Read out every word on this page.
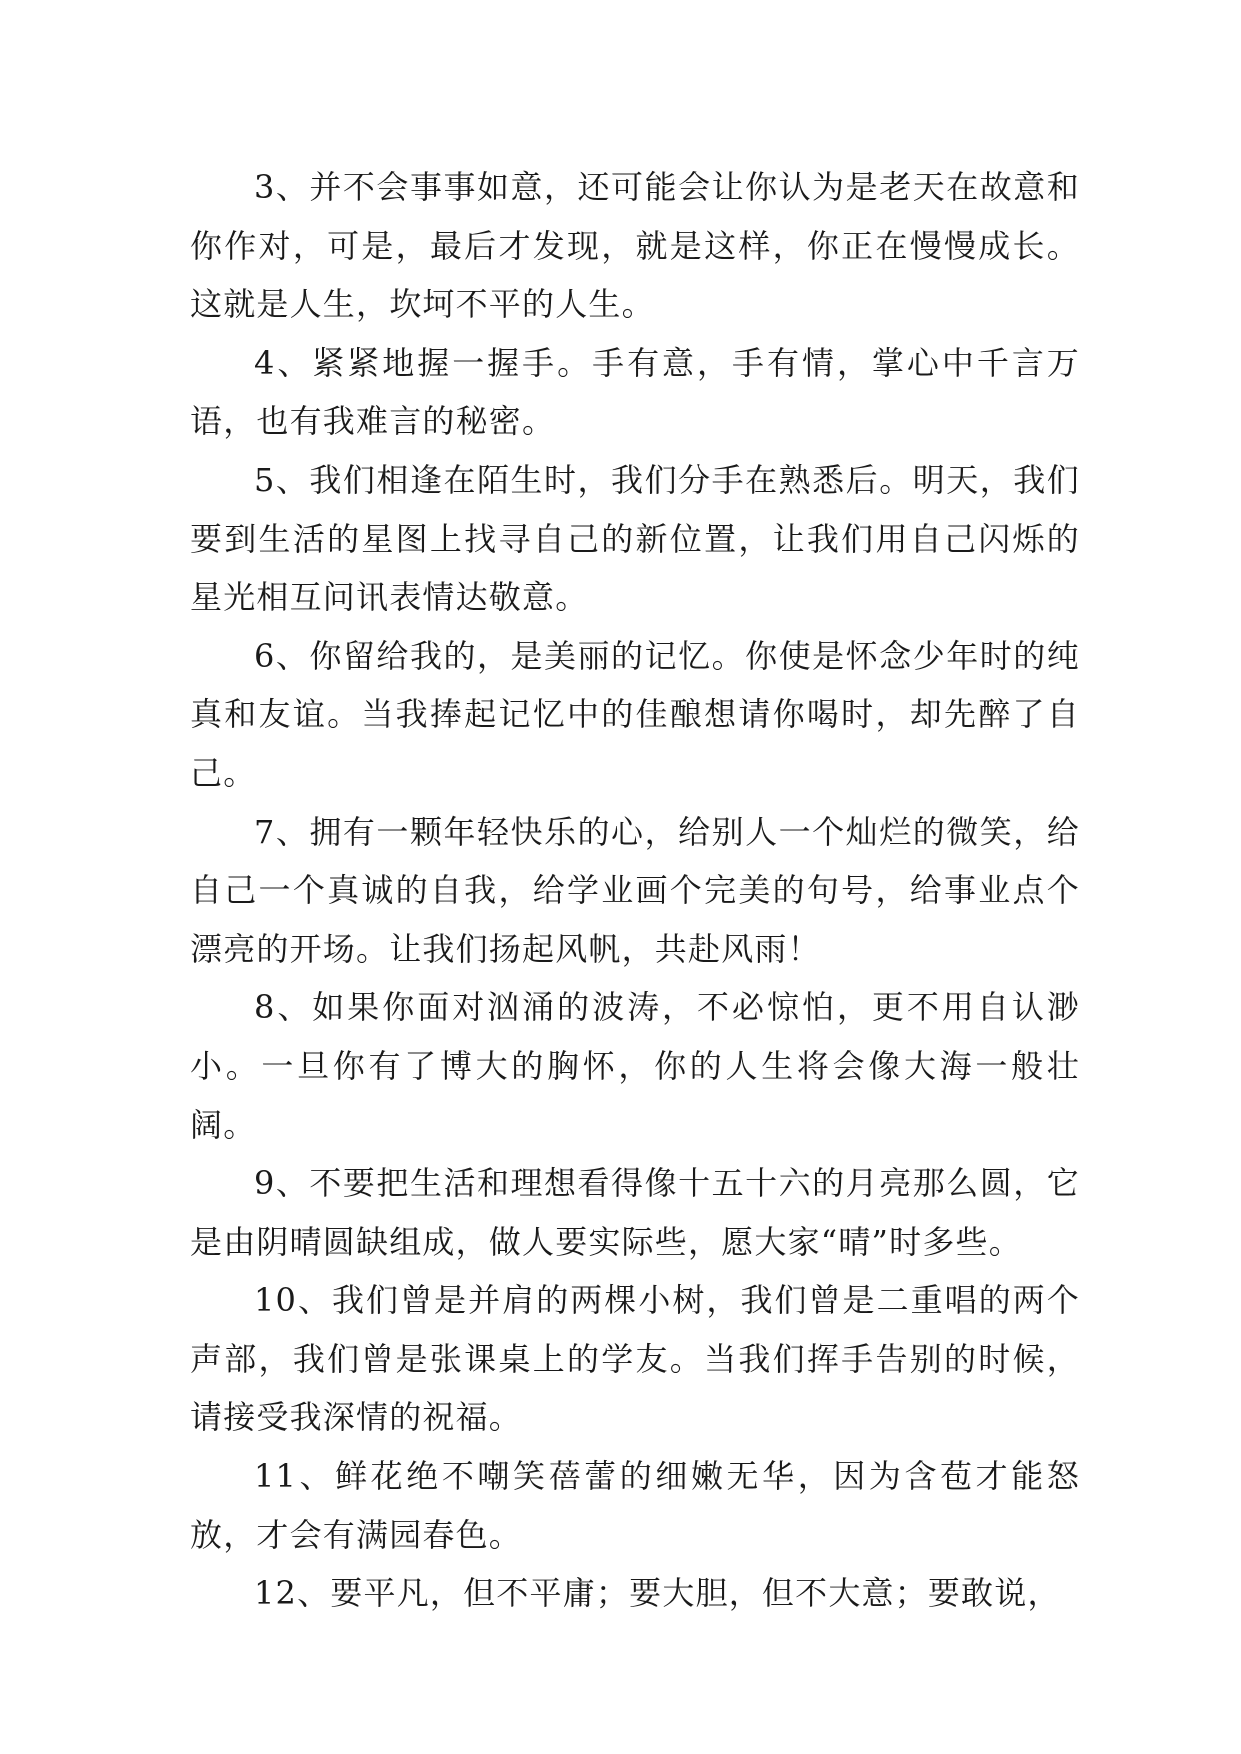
3、并不会事事如意，还可能会让你认为是老天在故意和你作对，可是，最后才发现，就是这样，你正在慢慢成长。这就是人生，坎坷不平的人生。

4、紧紧地握一握手。手有意，手有情，掌心中千言万语，也有我难言的秘密。

5、我们相逢在陌生时，我们分手在熟悉后。明天，我们要到生活的星图上找寻自己的新位置，让我们用自己闪烁的星光相互问讯表情达敬意。

6、你留给我的，是美丽的记忆。你使是怀念少年时的纯真和友谊。当我捧起记忆中的佳酿想请你喝时，却先醉了自己。

7、拥有一颗年轻快乐的心，给别人一个灿烂的微笑，给自己一个真诚的自我，给学业画个完美的句号，给事业点个漂亮的开场。让我们扬起风帆，共赴风雨！

8、如果你面对汹涌的波涛，不必惊怕，更不用自认渺小。一旦你有了博大的胸怀，你的人生将会像大海一般壮阔。

9、不要把生活和理想看得像十五十六的月亮那么圆，它是由阴晴圆缺组成，做人要实际些，愿大家“晴”时多些。

10、我们曾是并肩的两棵小树，我们曾是二重唱的两个声部，我们曾是张课桌上的学友。当我们挥手告别的时候，请接受我深情的祝福。

11、鲜花绝不嘲笑蓓蕾的细嫩无华，因为含苞才能怒放，才会有满园春色。

12、要平凡，但不平庸；要大胆，但不大意；要敢说，
